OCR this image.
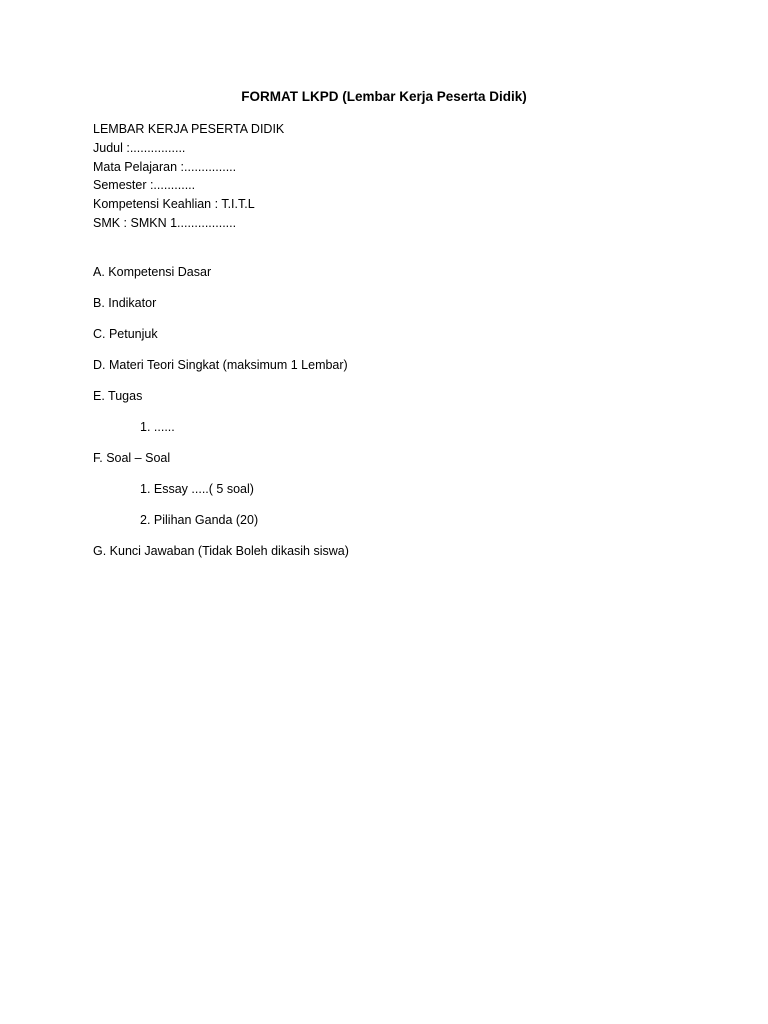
FORMAT LKPD (Lembar Kerja Peserta Didik)
LEMBAR KERJA PESERTA DIDIK
Judul :................
Mata Pelajaran :...............
Semester :............
Kompetensi Keahlian : T.I.T.L
SMK : SMKN 1.................
A. Kompetensi Dasar
B. Indikator
C. Petunjuk
D. Materi Teori Singkat (maksimum 1 Lembar)
E. Tugas
1. ......
F. Soal – Soal
1. Essay .....( 5 soal)
2. Pilihan Ganda (20)
G. Kunci Jawaban (Tidak Boleh dikasih siswa)
